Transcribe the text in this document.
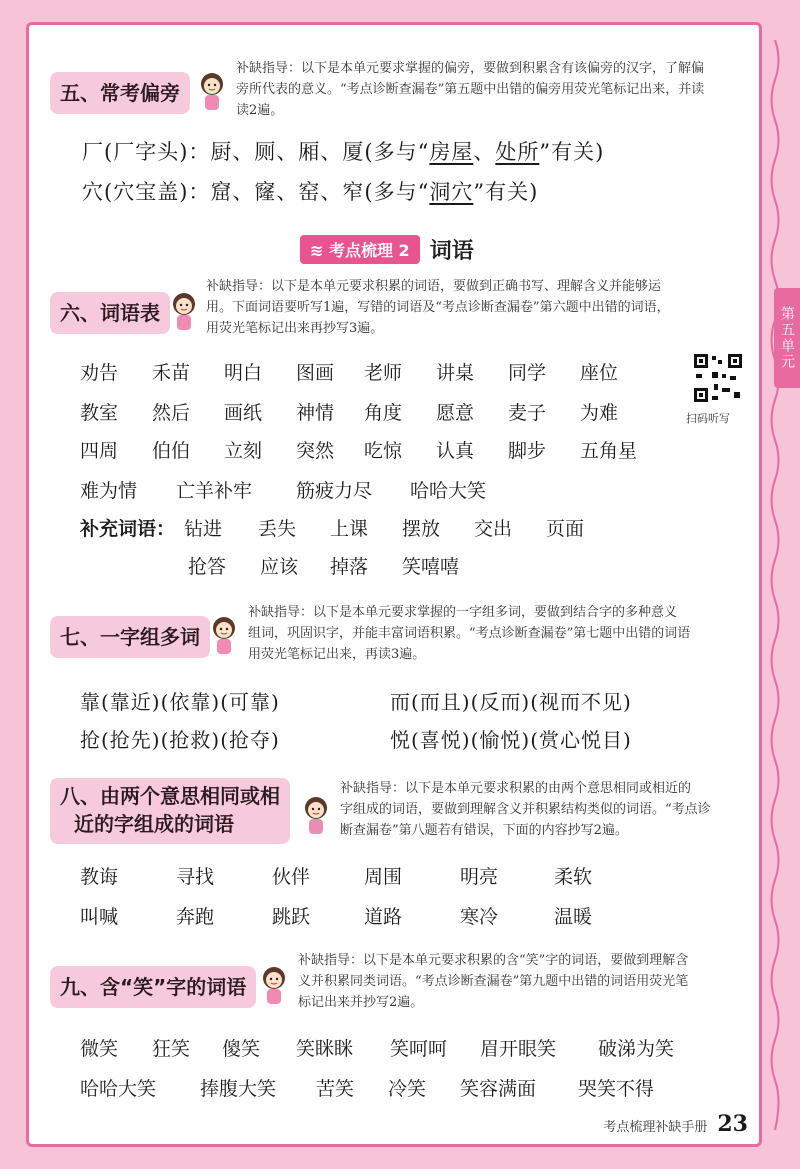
第五单元
五、常考偏旁
补缺指导：以下是本单元要求掌握的偏旁，要做到积累含有该偏旁的汉字，了解偏
旁所代表的意义。“考点诊断查漏卷”第五题中出错的偏旁用荧光笔标记出来，并读
读2遍。
厂(厂字头)：厨、厕、厢、厦(多与“房屋、处所”有关)
穴(穴宝盖)：窟、窿、窑、窄(多与“洞穴”有关)
≋ 考点梳理 2 词语
六、词语表
补缺指导：以下是本单元要求积累的词语，要做到正确书写、理解含义并能够运
用。下面词语要听写1遍，写错的词语及“考点诊断查漏卷”第六题中出错的词语，
用荧光笔标记出来再抄写3遍。
劝告 禾苗 明白 图画 老师 讲桌 同学 座位
教室 然后 画纸 神情 角度 愿意 麦子 为难
四周 伯伯 立刻 突然 吃惊 认真 脚步 五角星
难为情 亡羊补牢 筋疲力尽 哈哈大笑
补充词语： 钻进 丢失 上课 摆放 交出 页面
抢答 应该 掉落 笑嘻嘻
扫码听写
七、一字组多词
补缺指导：以下是本单元要求掌握的一字组多词，要做到结合字的多种意义
组词，巩固识字，并能丰富词语积累。“考点诊断查漏卷”第七题中出错的词语
用荧光笔标记出来，再读3遍。
靠(靠近)(依靠)(可靠)	而(而且)(反而)(视而不见)
抢(抢先)(抢救)(抢夺)	悦(喜悦)(愉悦)(赏心悦目)
八、由两个意思相同或相
近的字组成的词语
补缺指导：以下是本单元要求积累的由两个意思相同或相近的
字组成的词语，要做到理解含义并积累结构类似的词语。“考点诊
断查漏卷”第八题若有错误，下面的内容抄写2遍。
教诲	寻找	伙伴	周围	明亮	柔软
叫喊	奔跑	跳跃	道路	寒冷	温暖
九、含“笑”字的词语
补缺指导：以下是本单元要求积累的含“笑”字的词语，要做到理解含
义并积累同类词语。“考点诊断查漏卷”第九题中出错的词语用荧光笔
标记出来并抄写2遍。
微笑 狂笑 傻笑 笑眯眯 笑呵呵 眉开眼笑 破涕为笑
哈哈大笑 捧腹大笑 苦笑 冷笑 笑容满面 哭笑不得
考点梳理补缺手册 23
